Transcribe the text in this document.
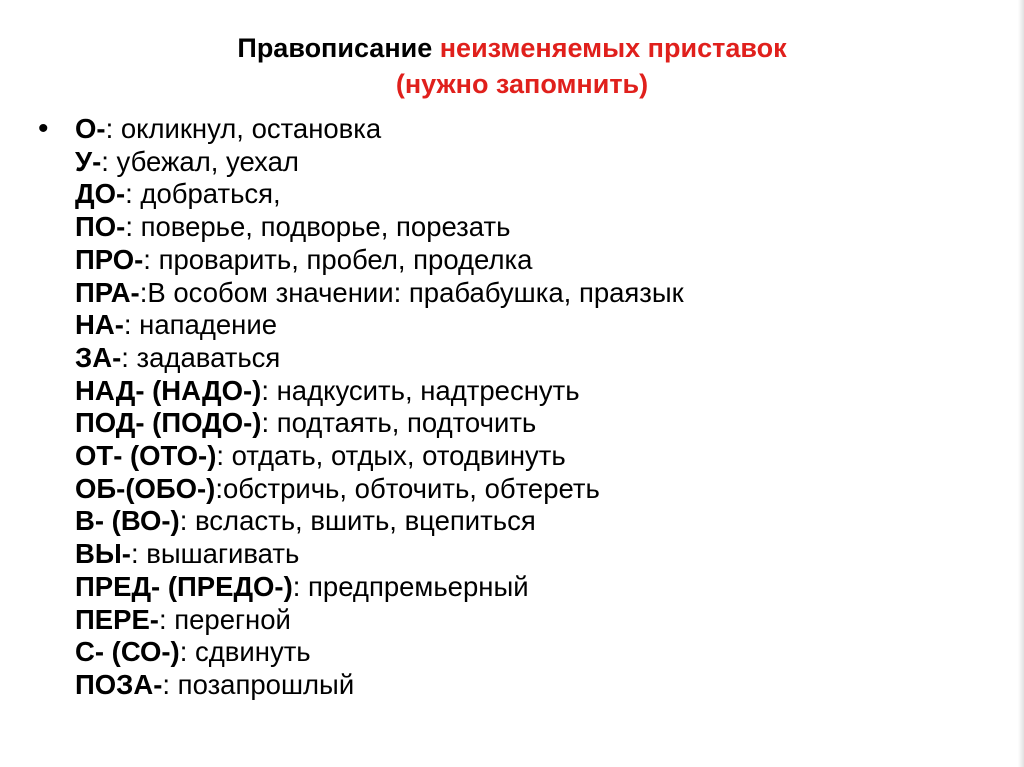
Правописание неизменяемых приставок
(нужно запомнить)
• О-: окликнул, остановка
У-: убежал, уехал
ДО-: добраться,
ПО-: поверье, подворье, порезать
ПРО-: проварить, пробел, проделка
ПРА-:В особом значении: прабабушка, праязык
НА-: нападение
ЗА-: задаваться
НАД- (НАДО-): надкусить, надтреснуть
ПОД- (ПОДО-): подтаять, подточить
ОТ- (ОТО-): отдать, отдых, отодвинуть
ОБ-(ОБО-):обстричь, обточить, обтереть
В- (ВО-): всласть, вшить, вцепиться
ВЫ-: вышагивать
ПРЕД- (ПРЕДО-): предпремьерный
ПЕРЕ-: перегной
С- (СО-): сдвинуть
ПОЗА-: позапрошлый
